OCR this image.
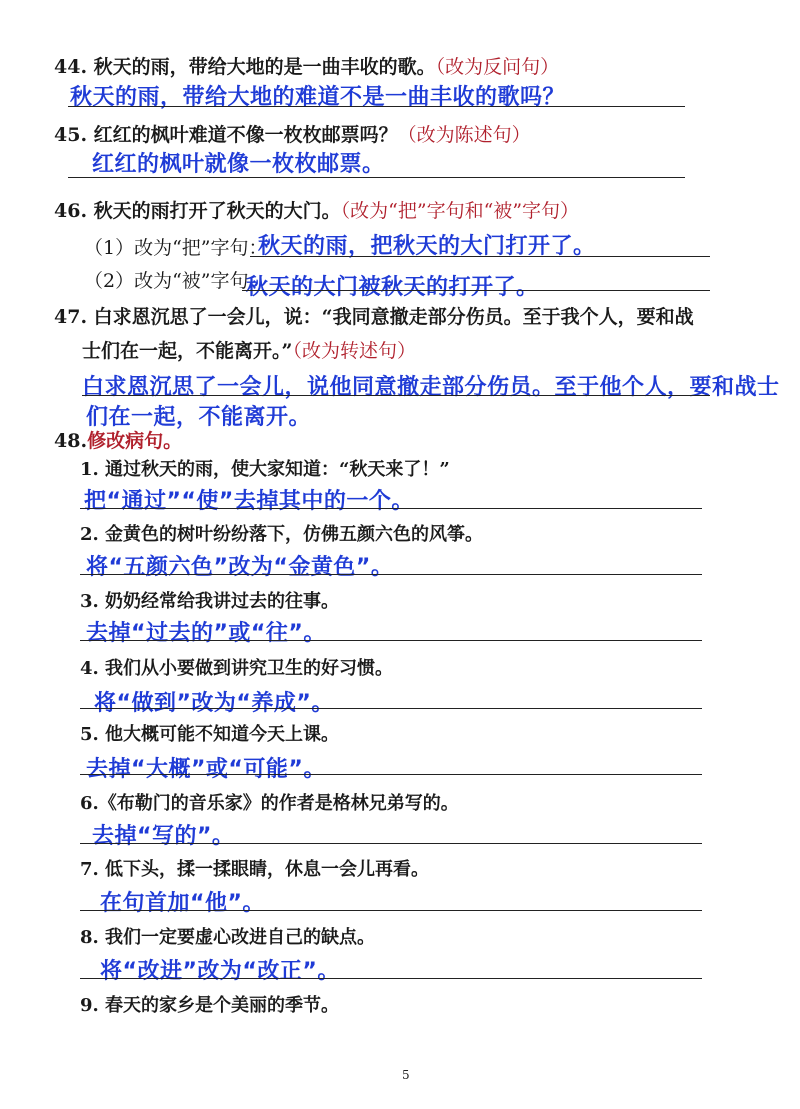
44. 秋天的雨，带给大地的是一曲丰收的歌。（改为反问句）
秋天的雨，带给大地的难道不是一曲丰收的歌吗？
45. 红红的枫叶难道不像一枚枚邮票吗？（改为陈述句）
红红的枫叶就像一枚枚邮票。
46. 秋天的雨打开了秋天的大门。（改为“把”字句和“被”字句）
（1）改为“把”字句：
秋天的雨，把秋天的大门打开了。
（2）改为“被”字句
秋天的大门被秋天的打开了。
47. 白求恩沉思了一会儿，说：“我同意撤走部分伤员。至于我个人，要和战
士们在一起，不能离开。”（改为转述句）
白求恩沉思了一会儿，说他同意撤走部分伤员。至于他个人，要和战士
们在一起，不能离开。
48.修改病句。
1. 通过秋天的雨，使大家知道：“秋天来了！”
把“通过”“使”去掉其中的一个。
2. 金黄色的树叶纷纷落下，仿佛五颜六色的风筝。
将“五颜六色”改为“金黄色”。
3. 奶奶经常给我讲过去的往事。
去掉“过去的”或“往”。
4. 我们从小要做到讲究卫生的好习惯。
将“做到”改为“养成”。
5. 他大概可能不知道今天上课。
去掉“大概”或“可能”。
6.《布勒门的音乐家》的作者是格林兄弟写的。
去掉“写的”。
7. 低下头，揉一揉眼睛，休息一会儿再看。
在句首加“他”。
8. 我们一定要虚心改进自己的缺点。
将“改进”改为“改正”。
9. 春天的家乡是个美丽的季节。
5
